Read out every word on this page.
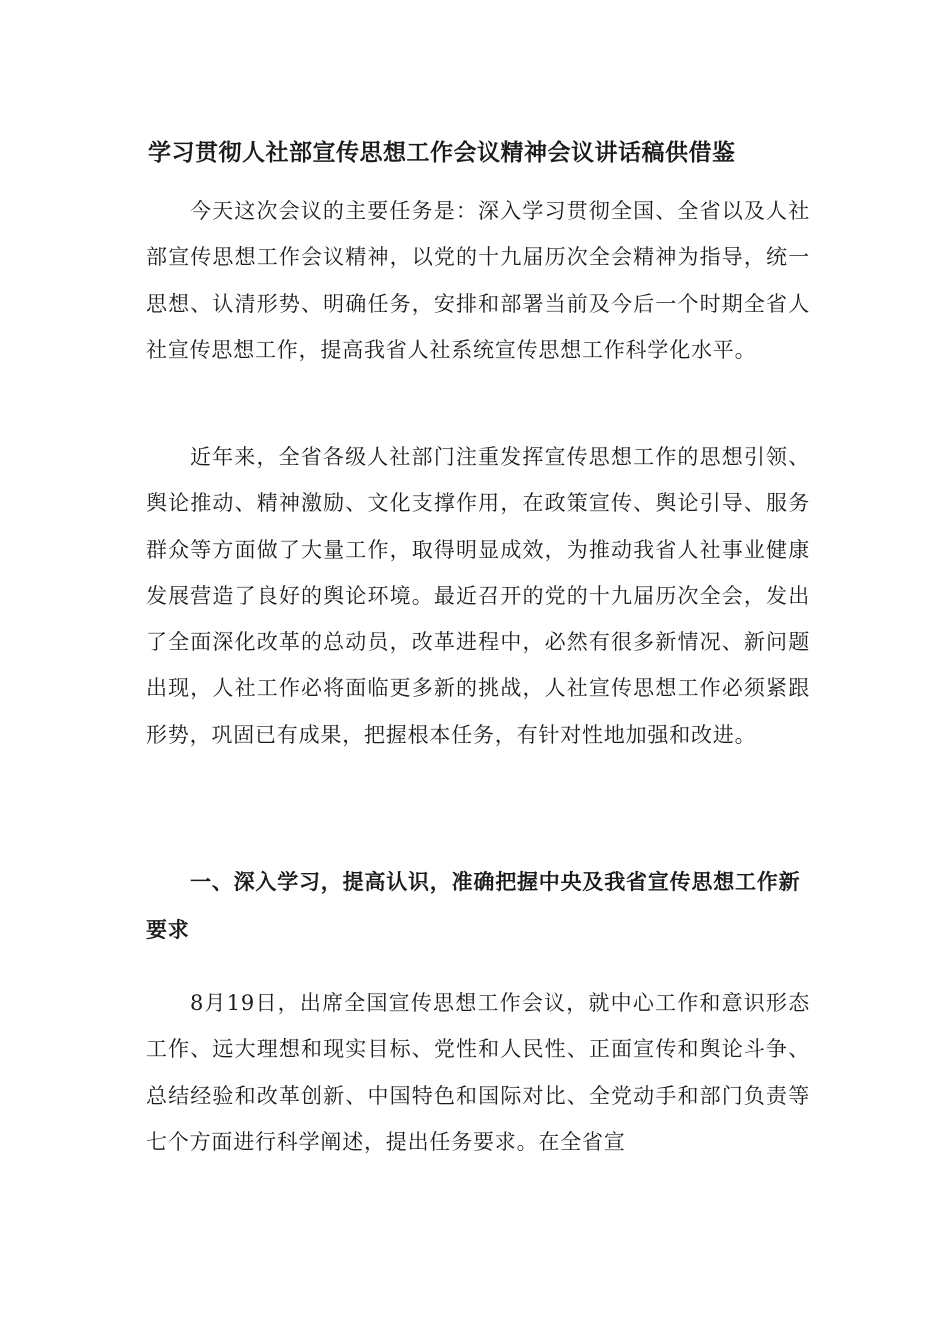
学习贯彻人社部宣传思想工作会议精神会议讲话稿供借鉴

今天这次会议的主要任务是：深入学习贯彻全国、全省以及人社部宣传思想工作会议精神，以党的十九届历次全会精神为指导，统一思想、认清形势、明确任务，安排和部署当前及今后一个时期全省人社宣传思想工作，提高我省人社系统宣传思想工作科学化水平。

近年来，全省各级人社部门注重发挥宣传思想工作的思想引领、舆论推动、精神激励、文化支撑作用，在政策宣传、舆论引导、服务群众等方面做了大量工作，取得明显成效，为推动我省人社事业健康发展营造了良好的舆论环境。最近召开的党的十九届历次全会，发出了全面深化改革的总动员，改革进程中，必然有很多新情况、新问题出现，人社工作必将面临更多新的挑战，人社宣传思想工作必须紧跟形势，巩固已有成果，把握根本任务，有针对性地加强和改进。

一、深入学习，提高认识，准确把握中央及我省宣传思想工作新要求

8月19日，出席全国宣传思想工作会议，就中心工作和意识形态工作、远大理想和现实目标、党性和人民性、正面宣传和舆论斗争、总结经验和改革创新、中国特色和国际对比、全党动手和部门负责等七个方面进行科学阐述，提出任务要求。在全省宣
